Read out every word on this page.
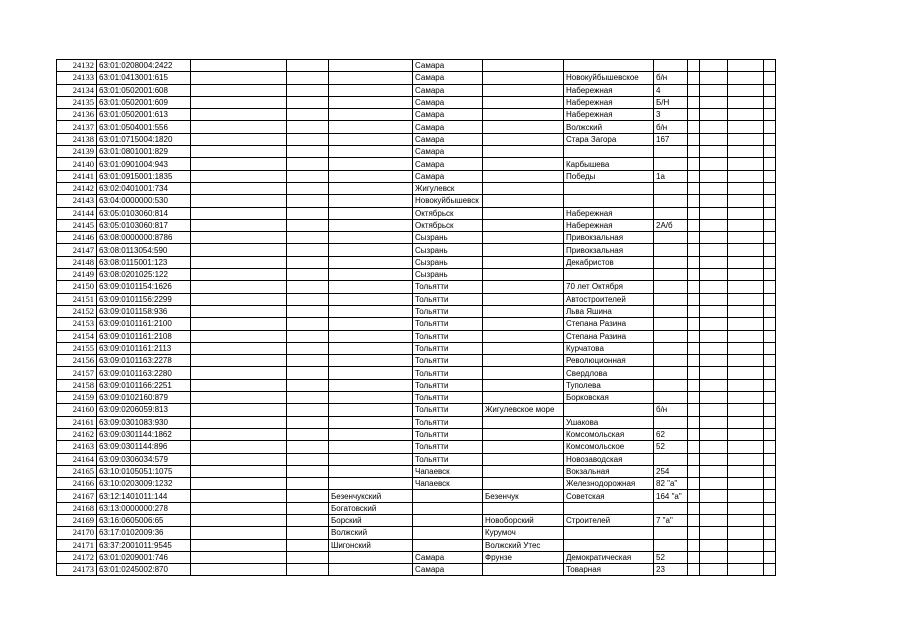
24132	63:01:0208004:2422				Самара							
24133	63:01:0413001:615				Самара		Новокуйбышевское	б/н				
24134	63:01:0502001:608				Самара		Набережная	4				
24135	63:01:0502001:609				Самара		Набережная	Б/Н				
24136	63:01:0502001:613				Самара		Набережная	3				
24137	63:01:0504001:556				Самара		Волжский	б/н				
24138	63:01:0715004:1820				Самара		Стара Загора	167				
24139	63:01:0801001:829				Самара							
24140	63:01:0901004:943				Самара		Карбышева					
24141	63:01:0915001:1835				Самара		Победы	1а				
24142	63:02:0401001:734				Жигулевск							
24143	63:04:0000000:530				Новокуйбышевск							
24144	63:05:0103060:814				Октябрьск		Набережная					
24145	63:05:0103060:817				Октябрьск		Набережная	2А/б				
24146	63:08:0000000:8786				Сызрань		Привокзальная					
24147	63:08:0113054:590				Сызрань		Привокзальная					
24148	63:08:0115001:123				Сызрань		Декабристов					
24149	63:08:0201025:122				Сызрань							
24150	63:09:0101154:1626				Тольятти		70 лет Октября					
24151	63:09:0101156:2299				Тольятти		Автостроителей					
24152	63:09:0101158:936				Тольятти		Льва Яшина					
24153	63:09:0101161:2100				Тольятти		Степана Разина					
24154	63:09:0101161:2108				Тольятти		Степана Разина					
24155	63:09:0101161:2113				Тольятти		Курчатова					
24156	63:09:0101163:2278				Тольятти		Революционная					
24157	63:09:0101163:2280				Тольятти		Свердлова					
24158	63:09:0101166:2251				Тольятти		Туполева					
24159	63:09:0102160:879				Тольятти		Борковская					
24160	63:09:0206059:813				Тольятти	Жигулевское море		б/н				
24161	63:09:0301083:930				Тольятти		Ушакова					
24162	63:09:0301144:1862				Тольятти		Комсомольская	62				
24163	63:09:0301144:896				Тольятти		Комсомольское	52				
24164	63:09:0306034:579				Тольятти		Новозаводская					
24165	63:10:0105051:1075				Чапаевск		Вокзальная	254				
24166	63:10:0203009:1232				Чапаевск		Железнодорожная	82 "а"				
24167	63:12:1401011:144			Безенчукский		Безенчук	Советская	164 "а"				
24168	63:13:0000000:278			Богатовский								
24169	63:16:0605006:65			Борский		Новоборский	Строителей	7 "а"				
24170	63:17:0102009:36			Волжский		Курумоч						
24171	63:37:2001011:9545			Шигонский		Волжский Утес						
24172	63:01:0209001:746				Самара	Фрунзе	Демократическая	52				
24173	63:01:0245002:870				Самара		Товарная	23				
